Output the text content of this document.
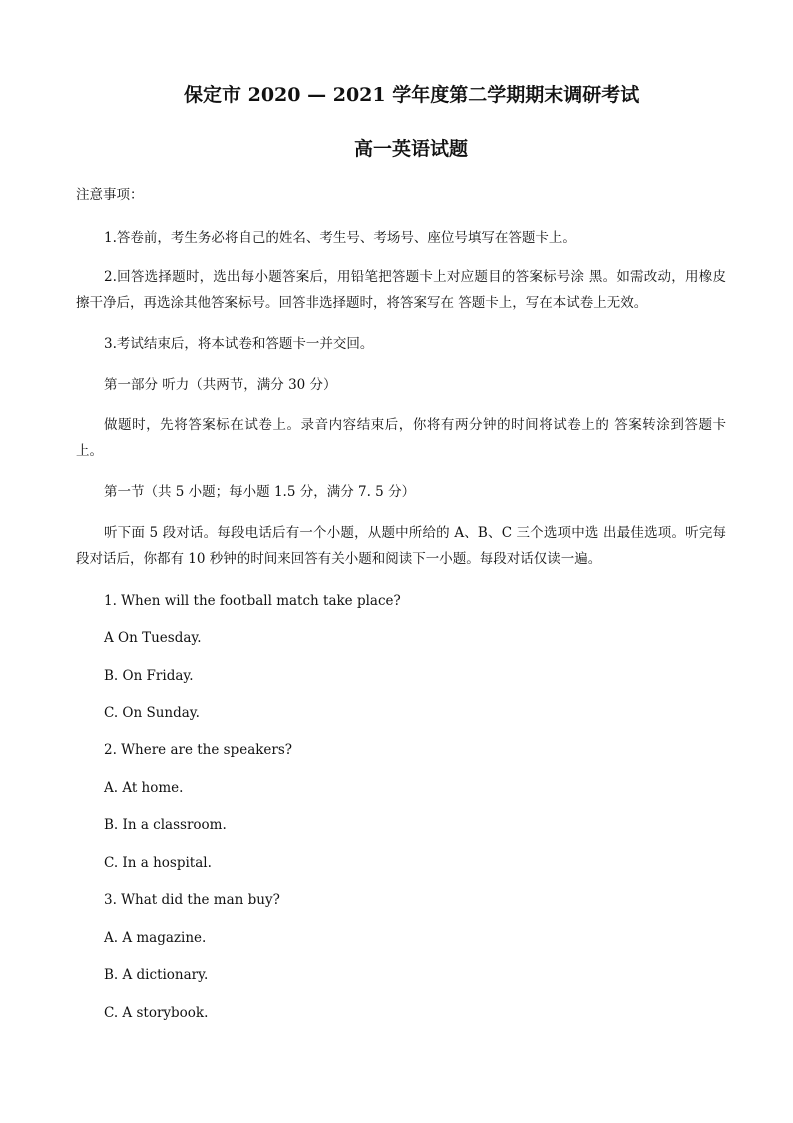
保定市 2020 — 2021 学年度第二学期期末调研考试
高一英语试题
注意事项：
1.答卷前，考生务必将自己的姓名、考生号、考场号、座位号填写在答题卡上。
2.回答选择题时，选出每小题答案后，用铅笔把答题卡上对应题目的答案标号涂 黑。如需改动，用橡皮擦干净后，再选涂其他答案标号。回答非选择题时，将答案写在 答题卡上，写在本试卷上无效。
3.考试结束后，将本试卷和答题卡一并交回。
第一部分 听力（共两节，满分 30 分）
做题时，先将答案标在试卷上。录音内容结束后，你将有两分钟的时间将试卷上的 答案转涂到答题卡上。
第一节（共 5 小题；每小题 1.5 分，满分 7. 5 分）
听下面 5 段对话。每段电话后有一个小题，从题中所给的 A、B、C 三个选项中选 出最佳选项。听完每段对话后，你都有 10 秒钟的时间来回答有关小题和阅读下一小题。每段对话仅读一遍。
1. When will the football match take place?
A On Tuesday.
B. On Friday.
C. On Sunday.
2. Where are the speakers?
A. At home.
B. In a classroom.
C. In a hospital.
3. What did the man buy?
A. A magazine.
B. A dictionary.
C. A storybook.
